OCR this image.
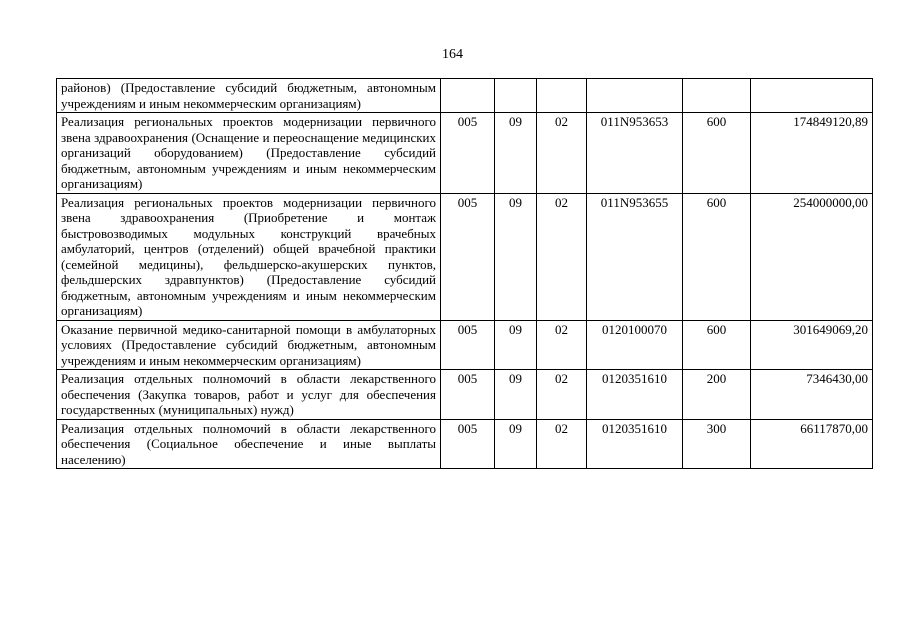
164
районов) (Предоставление субсидий бюджетным, автономным учреждениям и иным некоммерческим организациям)						
Реализация региональных проектов модернизации первичного звена здравоохранения (Оснащение и переоснащение медицинских организаций оборудованием) (Предоставление субсидий бюджетным, автономным учреждениям и иным некоммерческим организациям)	005	09	02	011N953653	600	174849120,89
Реализация региональных проектов модернизации первичного звена здравоохранения (Приобретение и монтаж быстровозводимых модульных конструкций врачебных амбулаторий, центров (отделений) общей врачебной практики (семейной медицины), фельдшерско-акушерских пунктов, фельдшерских здравпунктов) (Предоставление субсидий бюджетным, автономным учреждениям и иным некоммерческим организациям)	005	09	02	011N953655	600	254000000,00
Оказание первичной медико-санитарной помощи в амбулаторных условиях (Предоставление субсидий бюджетным, автономным учреждениям и иным некоммерческим организациям)	005	09	02	0120100070	600	301649069,20
Реализация отдельных полномочий в области лекарственного обеспечения (Закупка товаров, работ и услуг для обеспечения государственных (муниципальных) нужд)	005	09	02	0120351610	200	7346430,00
Реализация отдельных полномочий в области лекарственного обеспечения (Социальное обеспечение и иные выплаты населению)	005	09	02	0120351610	300	66117870,00
